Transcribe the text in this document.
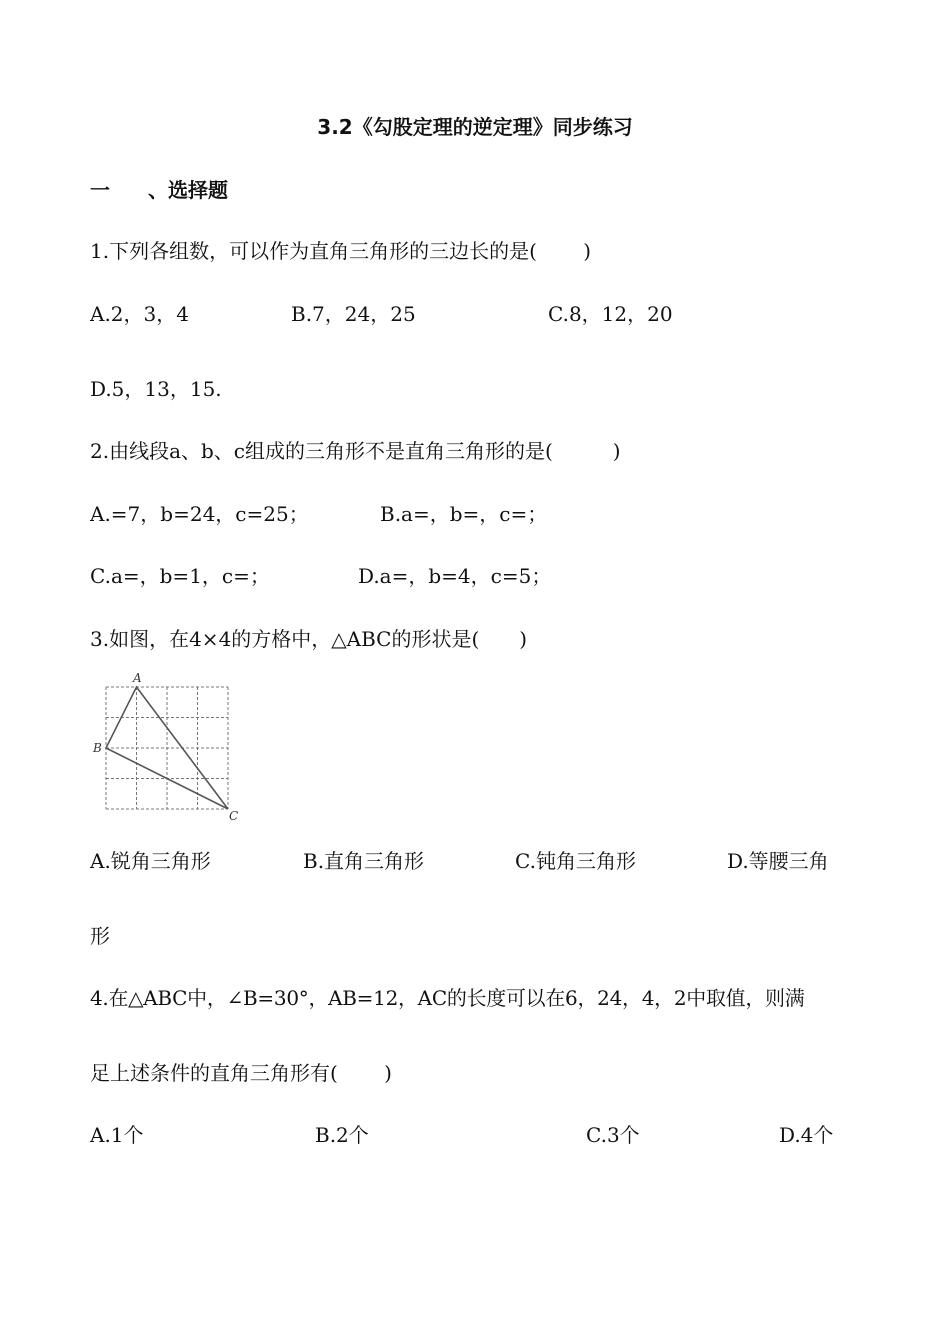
3.2《勾股定理的逆定理》同步练习
一 、选择题
1.下列各组数，可以作为直角三角形的三边长的是(　　 )
A.2，3，4	B.7，24，25	C.8，12，20
D.5，13，15.
2.由线段a、b、c组成的三角形不是直角三角形的是(　　　)
A.=7，b=24，c=25；	B.a=，b=，c=；
C.a=，b=1，c=；	D.a=，b=4，c=5；
3.如图，在4×4的方格中，△ABC的形状是(　　)
A
B
C
A.锐角三角形	B.直角三角形	C.钝角三角形	D.等腰三角
形
4.在△ABC中，∠B=30°，AB=12，AC的长度可以在6，24，4，2中取值，则满
足上述条件的直角三角形有(　　 )
A.1个	B.2个	C.3个	D.4个
